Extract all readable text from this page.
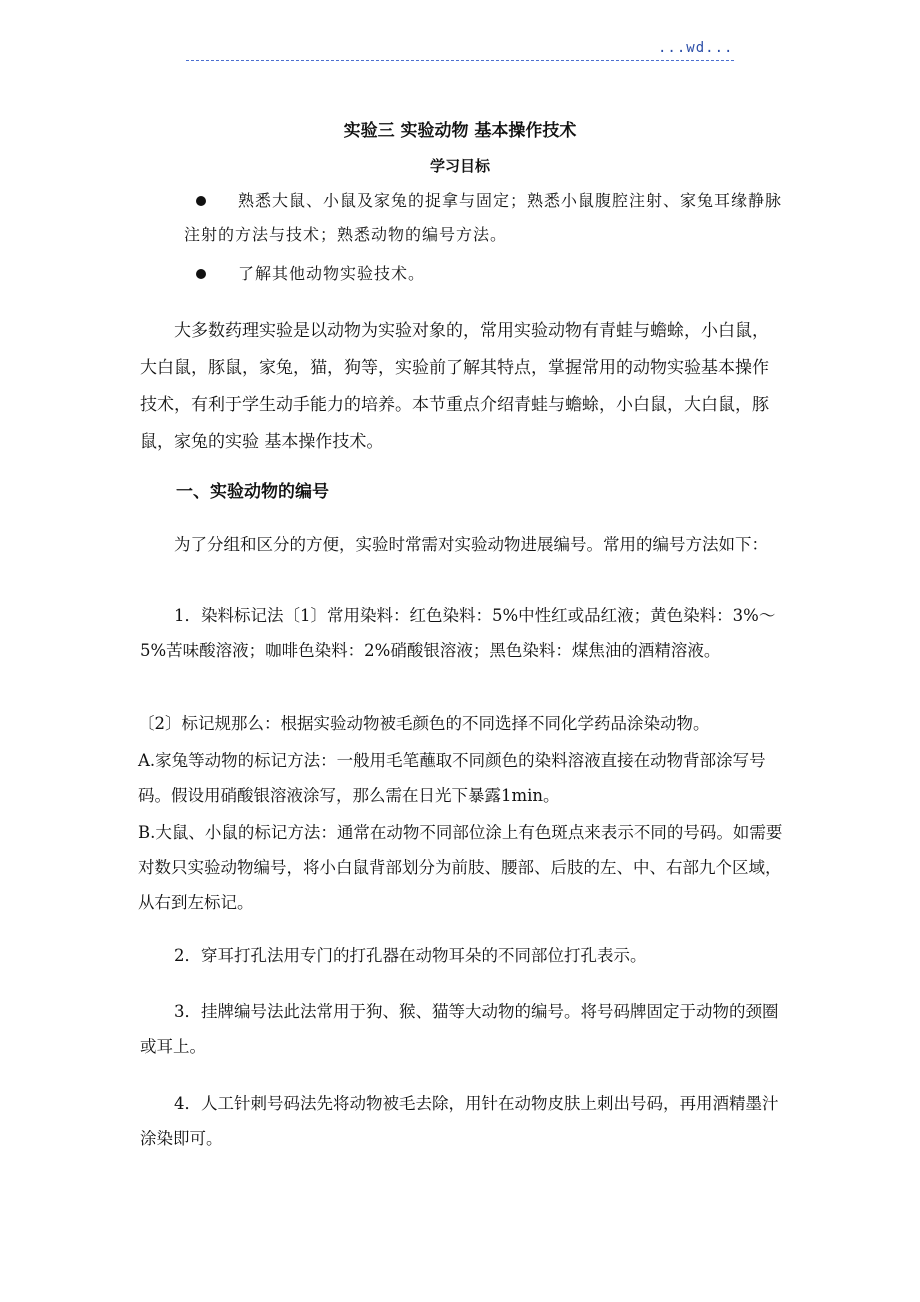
...wd...
实验三 实验动物 基本操作技术
学习目标

熟悉大鼠、小鼠及家兔的捉拿与固定；熟悉小鼠腹腔注射、家兔耳缘静脉注射的方法与技术；熟悉动物的编号方法。

了解其他动物实验技术。

大多数药理实验是以动物为实验对象的，常用实验动物有青蛙与蟾蜍，小白鼠，大白鼠，豚鼠，家兔，猫，狗等，实验前了解其特点，掌握常用的动物实验基本操作技术，有利于学生动手能力的培养。本节重点介绍青蛙与蟾蜍，小白鼠，大白鼠，豚鼠，家兔的实验 基本操作技术。

一、实验动物的编号

为了分组和区分的方便，实验时常需对实验动物进展编号。常用的编号方法如下：

1．染料标记法〔1〕常用染料：红色染料：5%中性红或品红液；黄色染料：3%～5%苦味酸溶液；咖啡色染料：2%硝酸银溶液；黑色染料：煤焦油的酒精溶液。

〔2〕标记规那么：根据实验动物被毛颜色的不同选择不同化学药品涂染动物。

A.家兔等动物的标记方法：一般用毛笔蘸取不同颜色的染料溶液直接在动物背部涂写号码。假设用硝酸银溶液涂写，那么需在日光下暴露1min。

B.大鼠、小鼠的标记方法：通常在动物不同部位涂上有色斑点来表示不同的号码。如需要对数只实验动物编号，将小白鼠背部划分为前肢、腰部、后肢的左、中、右部九个区域，从右到左标记。

2．穿耳打孔法用专门的打孔器在动物耳朵的不同部位打孔表示。

3．挂牌编号法此法常用于狗、猴、猫等大动物的编号。将号码牌固定于动物的颈圈或耳上。

4．人工针刺号码法先将动物被毛去除，用针在动物皮肤上刺出号码，再用酒精墨汁涂染即可。
